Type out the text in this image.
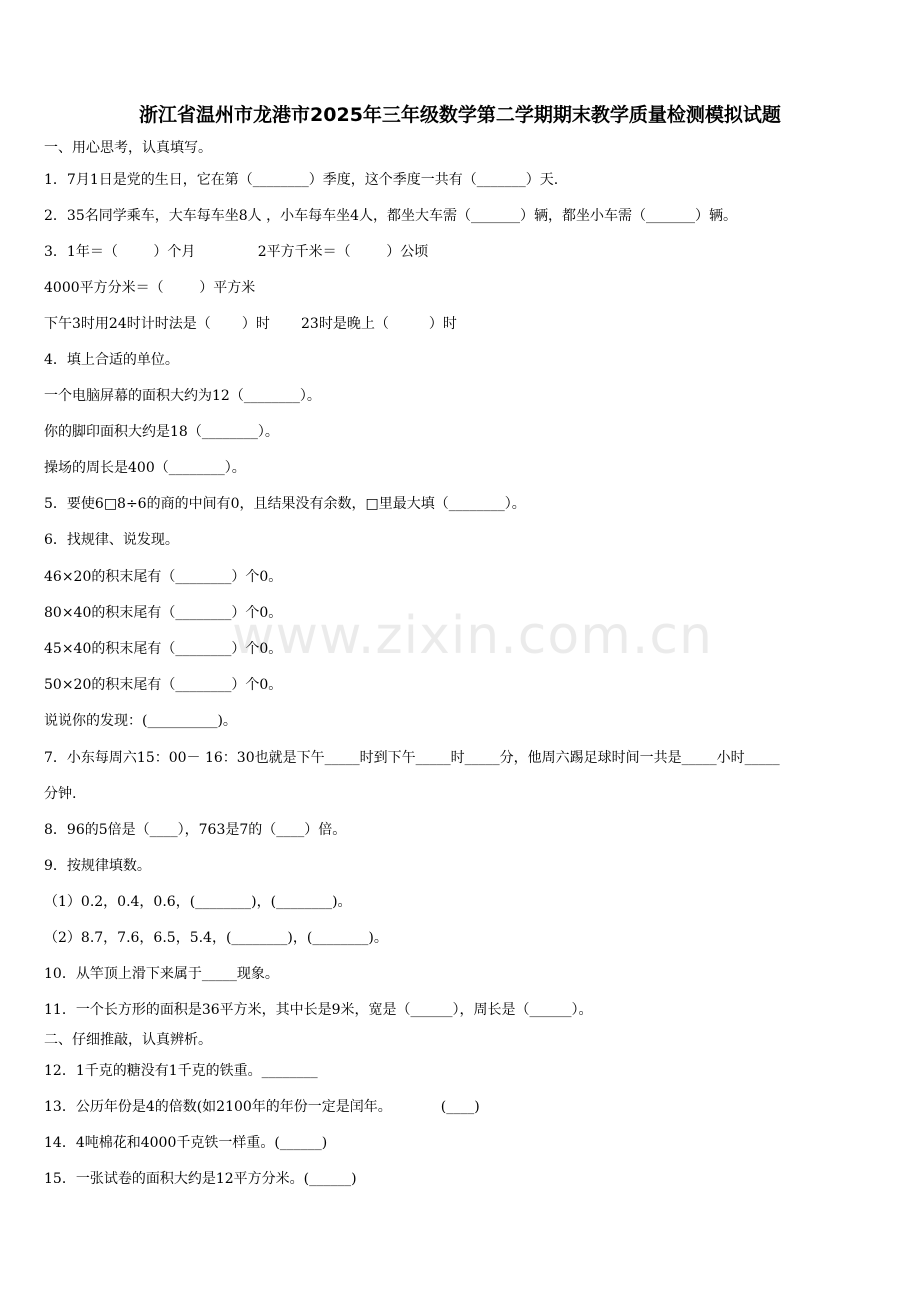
浙江省温州市龙港市2025年三年级数学第二学期期末教学质量检测模拟试题
一、用心思考，认真填写。
1．7月1日是党的生日，它在第（________）季度，这个季度一共有（_______）天.
2．35名同学乘车，大车每车坐8人 ，小车每车坐4人，都坐大车需（_______）辆，都坐小车需（_______）辆。
3．1年＝（        ）个月              2平方千米＝（        ）公顷
4000平方分米＝（        ）平方米
下午3时用24时计时法是（       ）时       23时是晚上（         ）时
4．填上合适的单位。
一个电脑屏幕的面积大约为12（________）。
你的脚印面积大约是18（________）。
操场的周长是400（________）。
5．要使6□8÷6的商的中间有0，且结果没有余数，□里最大填（________）。
6．找规律、说发现。
46×20的积末尾有（________）个0。
80×40的积末尾有（________）个0。
45×40的积末尾有（________）个0。
50×20的积末尾有（________）个0。
说说你的发现：(__________)。
7．小东每周六15：00－ 16：30也就是下午_____时到下午_____时_____分，他周六踢足球时间一共是_____小时_____
分钟.
8．96的5倍是（____），763是7的（____）倍。
9．按规律填数。
（1）0.2，0.4，0.6，(________)，(________)。
（2）8.7，7.6，6.5，5.4，(________)，(________)。
10．从竿顶上滑下来属于_____现象。
11．一个长方形的面积是36平方米，其中长是9米，宽是（______），周长是（______）。
二、仔细推敲，认真辨析。
12．1千克的糖没有1千克的铁重。________
13．公历年份是4的倍数(如2100年的年份一定是闰年。           (____)
14．4吨棉花和4000千克铁一样重。(______)
15．一张试卷的面积大约是12平方分米。(______)
www.zixin.com.cn
